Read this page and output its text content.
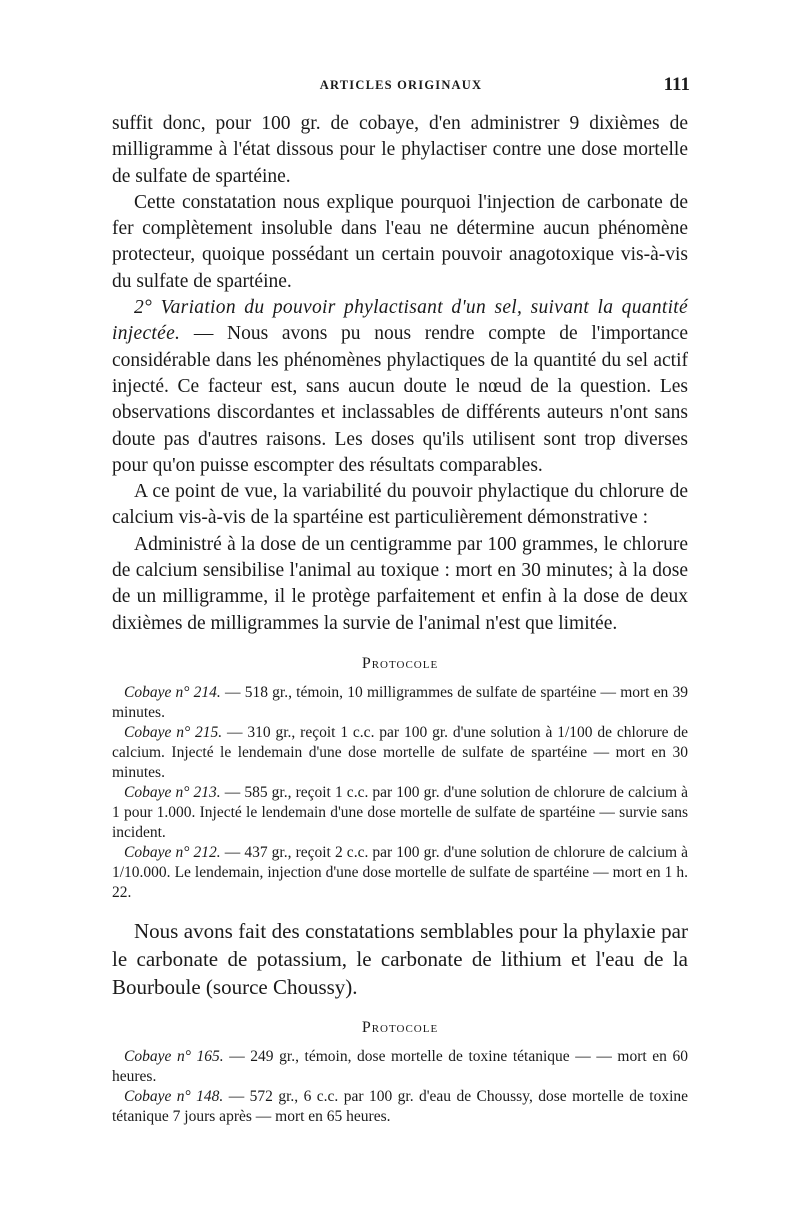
ARTICLES ORIGINAUX	111

suffit donc, pour 100 gr. de cobaye, d'en administrer 9 dixièmes de milligramme à l'état dissous pour le phylactiser contre une dose mortelle de sulfate de spartéine.

Cette constatation nous explique pourquoi l'injection de carbonate de fer complètement insoluble dans l'eau ne détermine aucun phénomène protecteur, quoique possédant un certain pouvoir anagotoxique vis-à-vis du sulfate de spartéine.

2° Variation du pouvoir phylactisant d'un sel, suivant la quantité injectée. — Nous avons pu nous rendre compte de l'importance considérable dans les phénomènes phylactiques de la quantité du sel actif injecté. Ce facteur est, sans aucun doute le nœud de la question. Les observations discordantes et inclassables de différents auteurs n'ont sans doute pas d'autres raisons. Les doses qu'ils utilisent sont trop diverses pour qu'on puisse escompter des résultats comparables.

A ce point de vue, la variabilité du pouvoir phylactique du chlorure de calcium vis-à-vis de la spartéine est particulièrement démonstrative :

Administré à la dose de un centigramme par 100 grammes, le chlorure de calcium sensibilise l'animal au toxique : mort en 30 minutes; à la dose de un milligramme, il le protège parfaitement et enfin à la dose de deux dixièmes de milligrammes la survie de l'animal n'est que limitée.

Protocole

Cobaye n° 214. — 518 gr., témoin, 10 milligrammes de sulfate de spartéine — mort en 39 minutes.

Cobaye n° 215. — 310 gr., reçoit 1 c.c. par 100 gr. d'une solution à 1/100 de chlorure de calcium. Injecté le lendemain d'une dose mortelle de sulfate de spartéine — mort en 30 minutes.

Cobaye n° 213. — 585 gr., reçoit 1 c.c. par 100 gr. d'une solution de chlorure de calcium à 1 pour 1.000. Injecté le lendemain d'une dose mortelle de sulfate de spartéine — survie sans incident.

Cobaye n° 212. — 437 gr., reçoit 2 c.c. par 100 gr. d'une solution de chlorure de calcium à 1/10.000. Le lendemain, injection d'une dose mortelle de sulfate de spartéine — mort en 1 h. 22.

Nous avons fait des constatations semblables pour la phylaxie par le carbonate de potassium, le carbonate de lithium et l'eau de la Bourboule (source Choussy).

Protocole

Cobaye n° 165. — 249 gr., témoin, dose mortelle de toxine tétanique — — mort en 60 heures.

Cobaye n° 148. — 572 gr., 6 c.c. par 100 gr. d'eau de Choussy, dose mortelle de toxine tétanique 7 jours après — mort en 65 heures.
